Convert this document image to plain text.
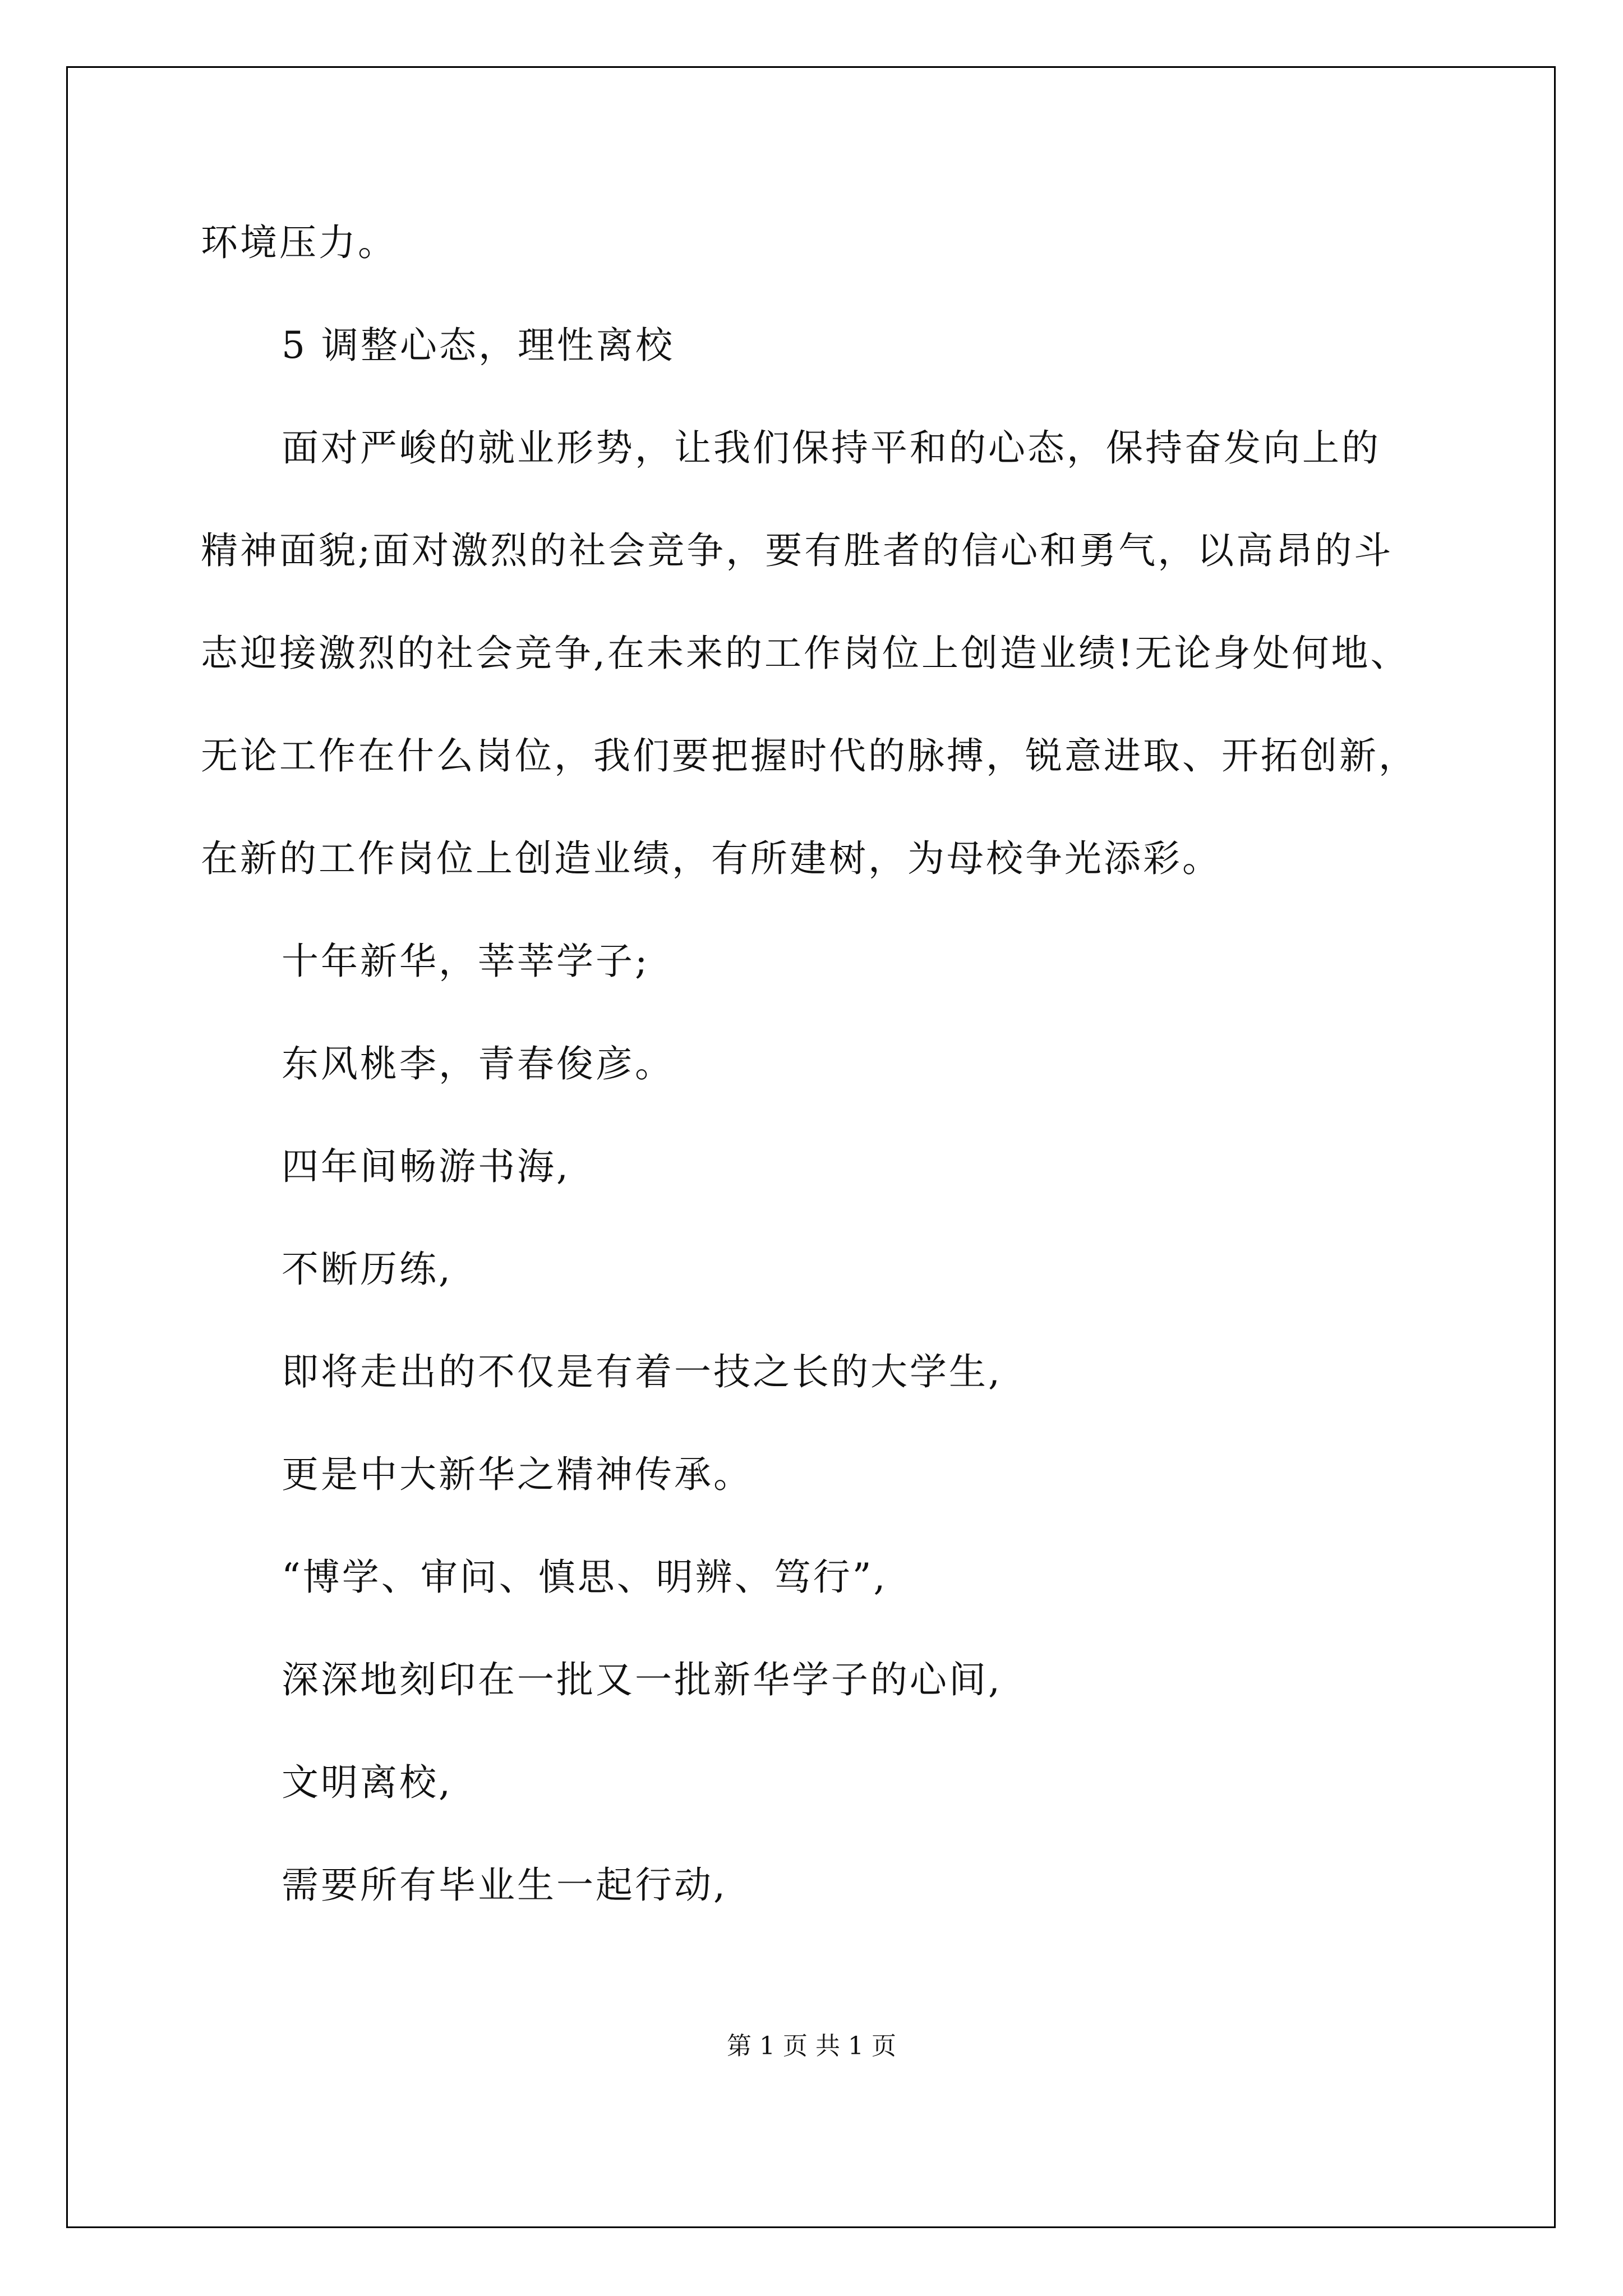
环境压力。

5 调整心态，理性离校

面对严峻的就业形势，让我们保持平和的心态，保持奋发向上的

精神面貌;面对激烈的社会竞争，要有胜者的信心和勇气，以高昂的斗

志迎接激烈的社会竞争,在未来的工作岗位上创造业绩!无论身处何地、

无论工作在什么岗位，我们要把握时代的脉搏，锐意进取、开拓创新，

在新的工作岗位上创造业绩，有所建树，为母校争光添彩。

十年新华，莘莘学子;

东风桃李，青春俊彦。

四年间畅游书海,

不断历练,

即将走出的不仅是有着一技之长的大学生,

更是中大新华之精神传承。

“博学、审问、慎思、明辨、笃行”,

深深地刻印在一批又一批新华学子的心间,

文明离校,

需要所有毕业生一起行动,

第 1 页 共 1 页
